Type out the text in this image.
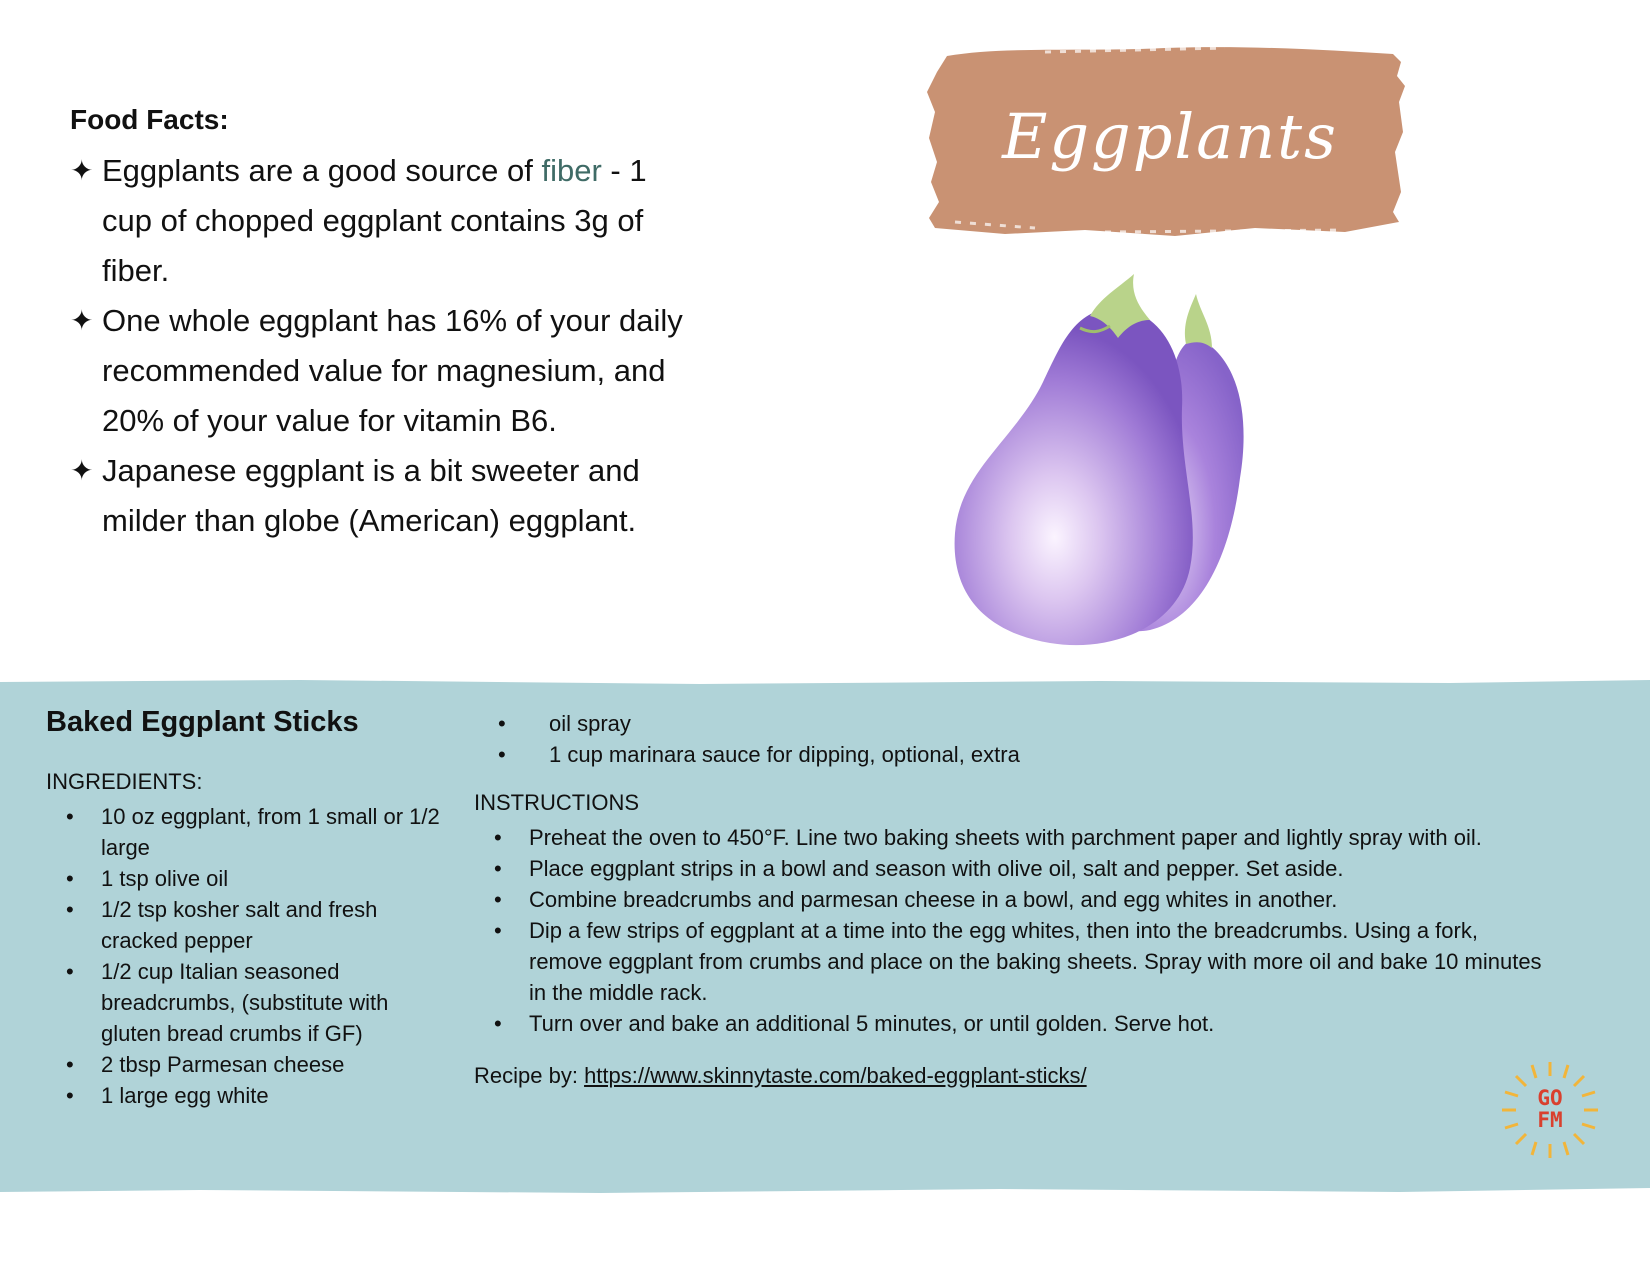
Food Facts:
✦ Eggplants are a good source of fiber - 1 cup of chopped eggplant contains 3g of fiber.
✦ One whole eggplant has 16% of your daily recommended value for magnesium, and 20% of your value for vitamin B6.
✦ Japanese eggplant is a bit sweeter and milder than globe (American) eggplant.
Eggplants
Baked Eggplant Sticks
INGREDIENTS:
• 10 oz eggplant, from 1 small or 1/2 large
• 1 tsp olive oil
• 1/2 tsp kosher salt and fresh cracked pepper
• 1/2 cup Italian seasoned breadcrumbs, (substitute with gluten bread crumbs if GF)
• 2 tbsp Parmesan cheese
• 1 large egg white
• oil spray
• 1 cup marinara sauce for dipping, optional, extra
INSTRUCTIONS
• Preheat the oven to 450°F. Line two baking sheets with parchment paper and lightly spray with oil.
• Place eggplant strips in a bowl and season with olive oil, salt and pepper. Set aside.
• Combine breadcrumbs and parmesan cheese in a bowl, and egg whites in another.
• Dip a few strips of eggplant at a time into the egg whites, then into the breadcrumbs. Using a fork, remove eggplant from crumbs and place on the baking sheets. Spray with more oil and bake 10 minutes in the middle rack.
• Turn over and bake an additional 5 minutes, or until golden. Serve hot.
Recipe by: https://www.skinnytaste.com/baked-eggplant-sticks/
GO
FM
